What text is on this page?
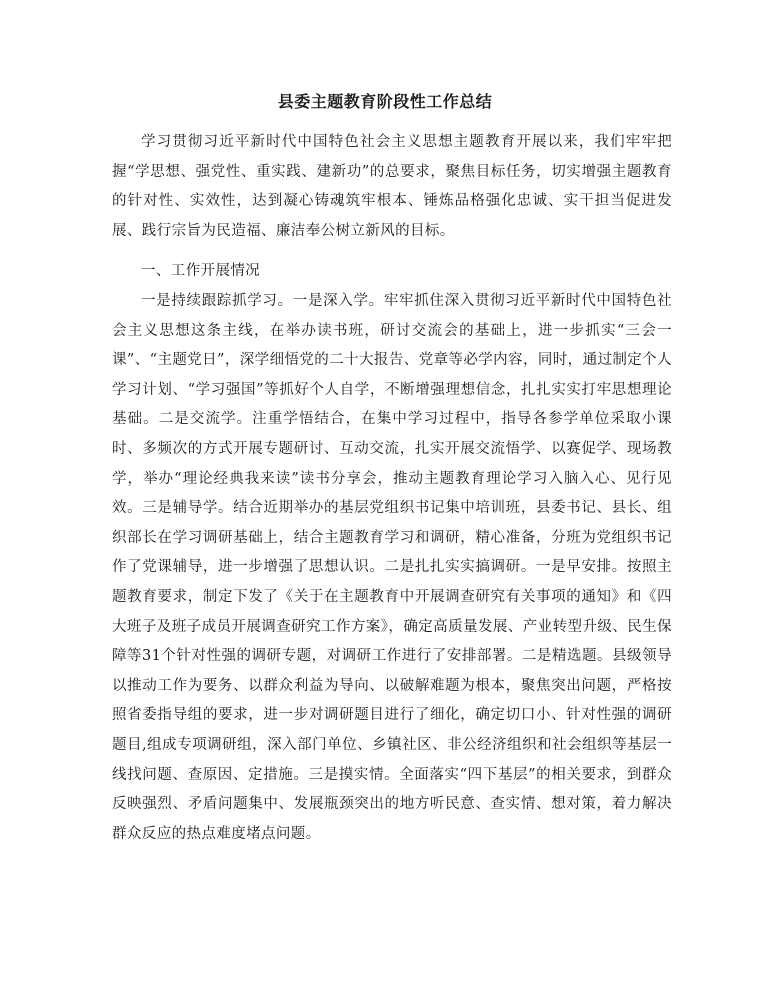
县委主题教育阶段性工作总结

学习贯彻习近平新时代中国特色社会主义思想主题教育开展以来，我们牢牢把握“学思想、强党性、重实践、建新功”的总要求，聚焦目标任务，切实增强主题教育的针对性、实效性，达到凝心铸魂筑牢根本、锤炼品格强化忠诚、实干担当促进发展、践行宗旨为民造福、廉洁奉公树立新风的目标。

一、工作开展情况

一是持续跟踪抓学习。一是深入学。牢牢抓住深入贯彻习近平新时代中国特色社会主义思想这条主线，在举办读书班，研讨交流会的基础上，进一步抓实“三会一课”、“主题党日”，深学细悟党的二十大报告、党章等必学内容，同时，通过制定个人学习计划、“学习强国”等抓好个人自学，不断增强理想信念，扎扎实实打牢思想理论基础。二是交流学。注重学悟结合，在集中学习过程中，指导各参学单位采取小课时、多频次的方式开展专题研讨、互动交流，扎实开展交流悟学、以赛促学、现场教学，举办“理论经典我来读”读书分享会，推动主题教育理论学习入脑入心、见行见效。三是辅导学。结合近期举办的基层党组织书记集中培训班，县委书记、县长、组织部长在学习调研基础上，结合主题教育学习和调研，精心准备，分班为党组织书记作了党课辅导，进一步增强了思想认识。二是扎扎实实搞调研。一是早安排。按照主题教育要求，制定下发了《关于在主题教育中开展调查研究有关事项的通知》和《四大班子及班子成员开展调查研究工作方案》，确定高质量发展、产业转型升级、民生保障等31个针对性强的调研专题，对调研工作进行了安排部署。二是精选题。县级领导以推动工作为要务、以群众利益为导向、以破解难题为根本，聚焦突出问题，严格按照省委指导组的要求，进一步对调研题目进行了细化，确定切口小、针对性强的调研题目,组成专项调研组，深入部门单位、乡镇社区、非公经济组织和社会组织等基层一线找问题、查原因、定措施。三是摸实情。全面落实“四下基层”的相关要求，到群众反映强烈、矛盾问题集中、发展瓶颈突出的地方听民意、查实情、想对策，着力解决群众反应的热点难度堵点问题。
